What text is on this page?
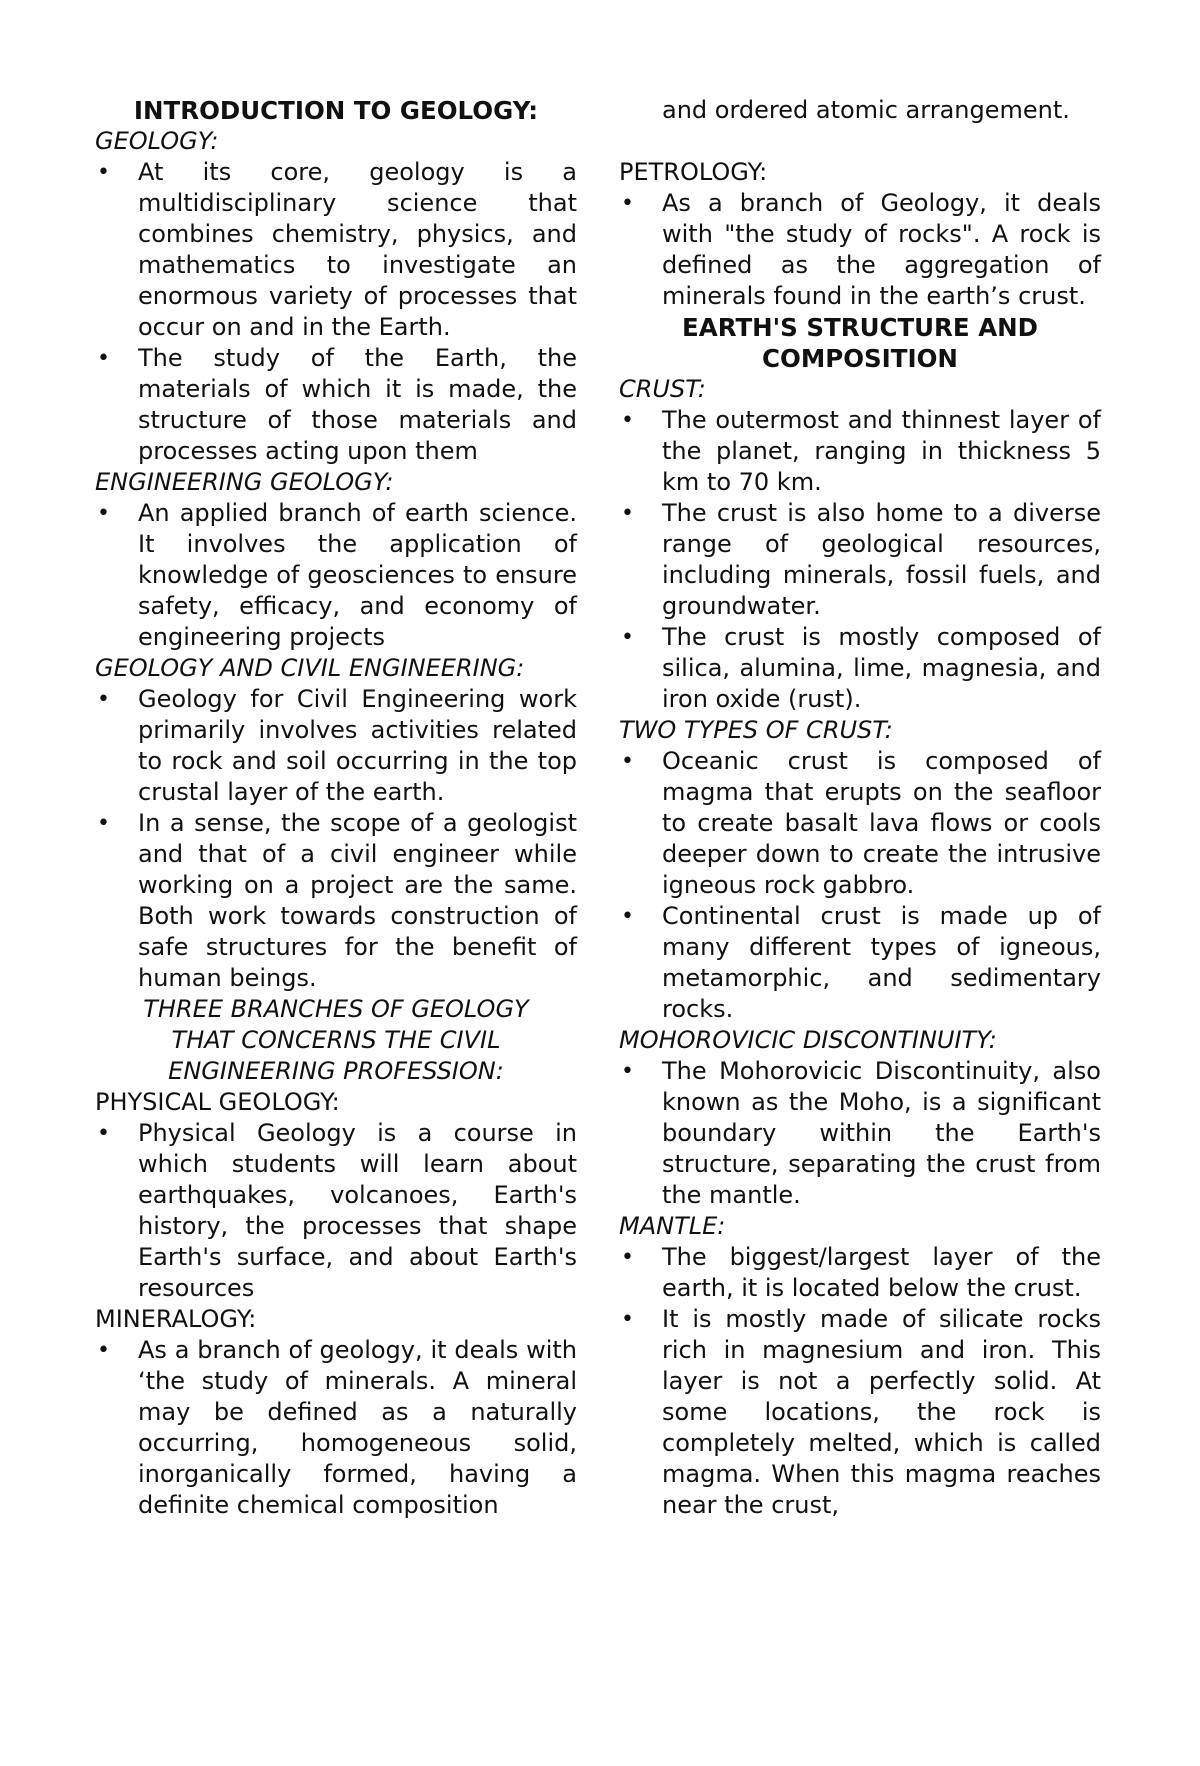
INTRODUCTION TO GEOLOGY:

GEOLOGY:

• At its core, geology is a multidisciplinary science that combines chemistry, physics, and mathematics to investigate an enormous variety of processes that occur on and in the Earth.
• The study of the Earth, the materials of which it is made, the structure of those materials and processes acting upon them

ENGINEERING GEOLOGY:

• An applied branch of earth science. It involves the application of knowledge of geosciences to ensure safety, efficacy, and economy of engineering projects

GEOLOGY AND CIVIL ENGINEERING:

• Geology for Civil Engineering work primarily involves activities related to rock and soil occurring in the top crustal layer of the earth.
• In a sense, the scope of a geologist and that of a civil engineer while working on a project are the same. Both work towards construction of safe structures for the benefit of human beings.

THREE BRANCHES OF GEOLOGY

THAT CONCERNS THE CIVIL

ENGINEERING PROFESSION:

PHYSICAL GEOLOGY:

• Physical Geology is a course in which students will learn about earthquakes, volcanoes, Earth's history, the processes that shape Earth's surface, and about Earth's resources

MINERALOGY:

• As a branch of geology, it deals with ‘the study of minerals. A mineral may be defined as a naturally occurring, homogeneous solid, inorganically formed, having a definite chemical composition

and ordered atomic arrangement.

PETROLOGY:

• As a branch of Geology, it deals with "the study of rocks". A rock is defined as the aggregation of minerals found in the earth’s crust.

EARTH'S STRUCTURE AND

COMPOSITION

CRUST:

• The outermost and thinnest layer of the planet, ranging in thickness 5 km to 70 km.
• The crust is also home to a diverse range of geological resources, including minerals, fossil fuels, and groundwater.
• The crust is mostly composed of silica, alumina, lime, magnesia, and iron oxide (rust).

TWO TYPES OF CRUST:

• Oceanic crust is composed of magma that erupts on the seafloor to create basalt lava flows or cools deeper down to create the intrusive igneous rock gabbro.
• Continental crust is made up of many different types of igneous, metamorphic, and sedimentary rocks.

MOHOROVICIC DISCONTINUITY:

• The Mohorovicic Discontinuity, also known as the Moho, is a significant boundary within the Earth's structure, separating the crust from the mantle.

MANTLE:

• The biggest/largest layer of the earth, it is located below the crust.
• It is mostly made of silicate rocks rich in magnesium and iron. This layer is not a perfectly solid. At some locations, the rock is completely melted, which is called magma. When this magma reaches near the crust,
